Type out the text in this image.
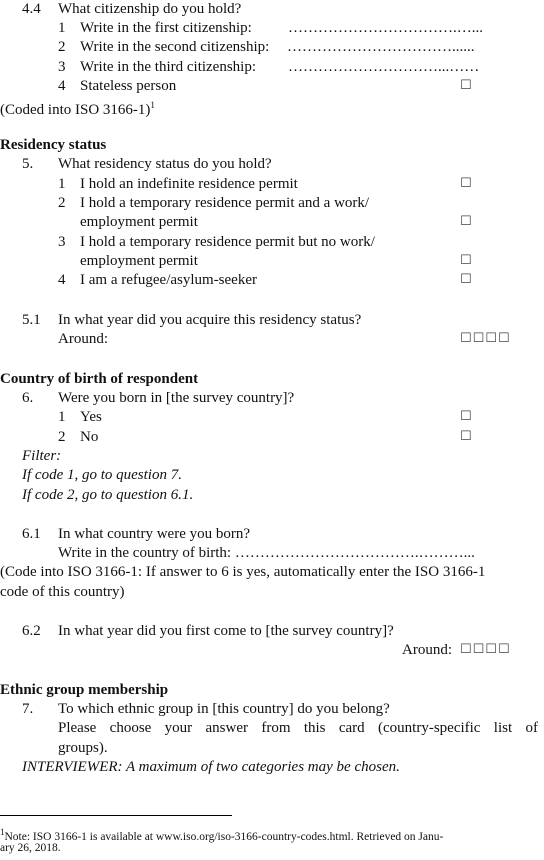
4.4 What citizenship do you hold?
1 Write in the first citizenship: …………………………….…...
2 Write in the second citizenship: ……………………………......
3 Write in the third citizenship: …………………………...……
4 Stateless person	☐
(Coded into ISO 3166-1)$^1$
Residency status
5. What residency status do you hold?
1 I hold an indefinite residence permit	☐
2 I hold a temporary residence permit and a work/
employment permit	☐
3 I hold a temporary residence permit but no work/
employment permit	☐
4 I am a refugee/asylum-seeker	☐
5.1 In what year did you acquire this residency status?
Around:	☐☐☐☐
Country of birth of respondent
6. Were you born in [the survey country]?
1 Yes	☐
2 No	☐
Filter:
If code 1, go to question 7.
If code 2, go to question 6.1.
6.1 In what country were you born?
Write in the country of birth: ……………………………….………...
(Code into ISO 3166-1: If answer to 6 is yes, automatically enter the ISO 3166-1
code of this country)
6.2 In what year did you first come to [the survey country]?
Around: ☐☐☐☐
Ethnic group membership
7. To which ethnic group in [this country] do you belong?
Please choose your answer from this card (country-specific list of
groups).
INTERVIEWER: A maximum of two categories may be chosen.
$^1$Note: ISO 3166-1 is available at www.iso.org/iso-3166-country-codes.html. Retrieved on Janu-
ary 26, 2018.
